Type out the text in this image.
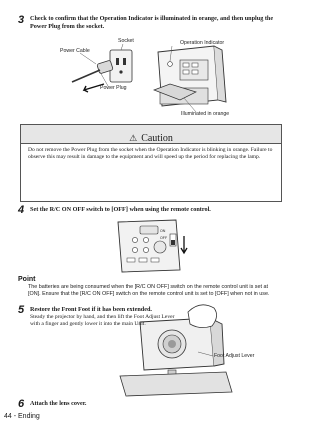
3 Check to confirm that the Operation Indicator is illuminated in orange, and then unplug the Power Plug from the socket.
Socket
Power Cable
Power Plug
Operation Indicator
Illuminated in orange
⚠ Caution
Do not remove the Power Plug from the socket when the Operation Indicator is blinking in orange. Failure to observe this may result in damage to the equipment and will speed up the period for replacing the lamp.
4 Set the R/C ON OFF switch to [OFF] when using the remote control.
ON
OFF
Point
The batteries are being consumed when the [R/C ON OFF] switch on the remote control unit is set at [ON]. Ensure that the [R/C ON OFF] switch on the remote control unit is set to [OFF] when not in use.
5 Restore the Front Foot if it has been extended.
Steady the projector by hand, and then lift the Foot Adjust Lever with a finger and gently lower it into the main Unit.
Foot Adjust Lever
6 Attach the lens cover.
44 - Ending
